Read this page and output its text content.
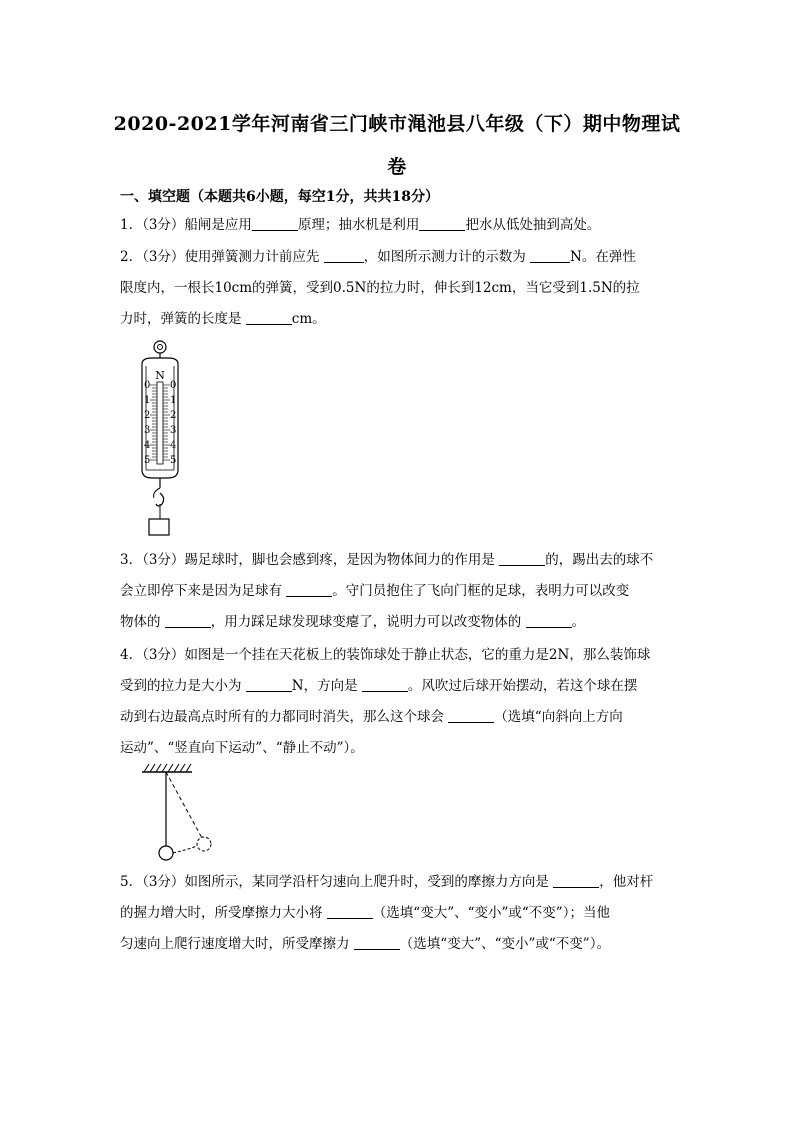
2020-2021学年河南省三门峡市渑池县八年级（下）期中物理试
卷
一、填空题（本题共6小题，每空1分，共共18分）
1．（3分）船闸是应用	原理；抽水机是利用	把水从低处抽到高处。
2．（3分）使用弹簧测力计前应先	，如图所示测力计的示数为	N。在弹性
限度内，一根长10cm的弹簧，受到0.5N的拉力时，伸长到12cm，当它受到1.5N的拉
力时，弹簧的长度是	cm。
N
0
1
2
3
4
5
0
1
2
3
4
5
3．（3分）踢足球时，脚也会感到疼，是因为物体间力的作用是	的，踢出去的球不
会立即停下来是因为足球有	。守门员抱住了飞向门框的足球，表明力可以改变
物体的	，用力踩足球发现球变瘪了，说明力可以改变物体的	。
4．（3分）如图是一个挂在天花板上的装饰球处于静止状态，它的重力是2N，那么装饰球
受到的拉力是大小为	N，方向是	。风吹过后球开始摆动，若这个球在摆
动到右边最高点时所有的力都同时消失，那么这个球会	（选填“向斜向上方向
运动”、“竖直向下运动”、“静止不动”）。
5．（3分）如图所示，某同学沿杆匀速向上爬升时，受到的摩擦力方向是	，他对杆
的握力增大时，所受摩擦力大小将	（选填“变大”、“变小”或“不变”）；当他
匀速向上爬行速度增大时，所受摩擦力	（选填“变大”、“变小”或“不变”）。
